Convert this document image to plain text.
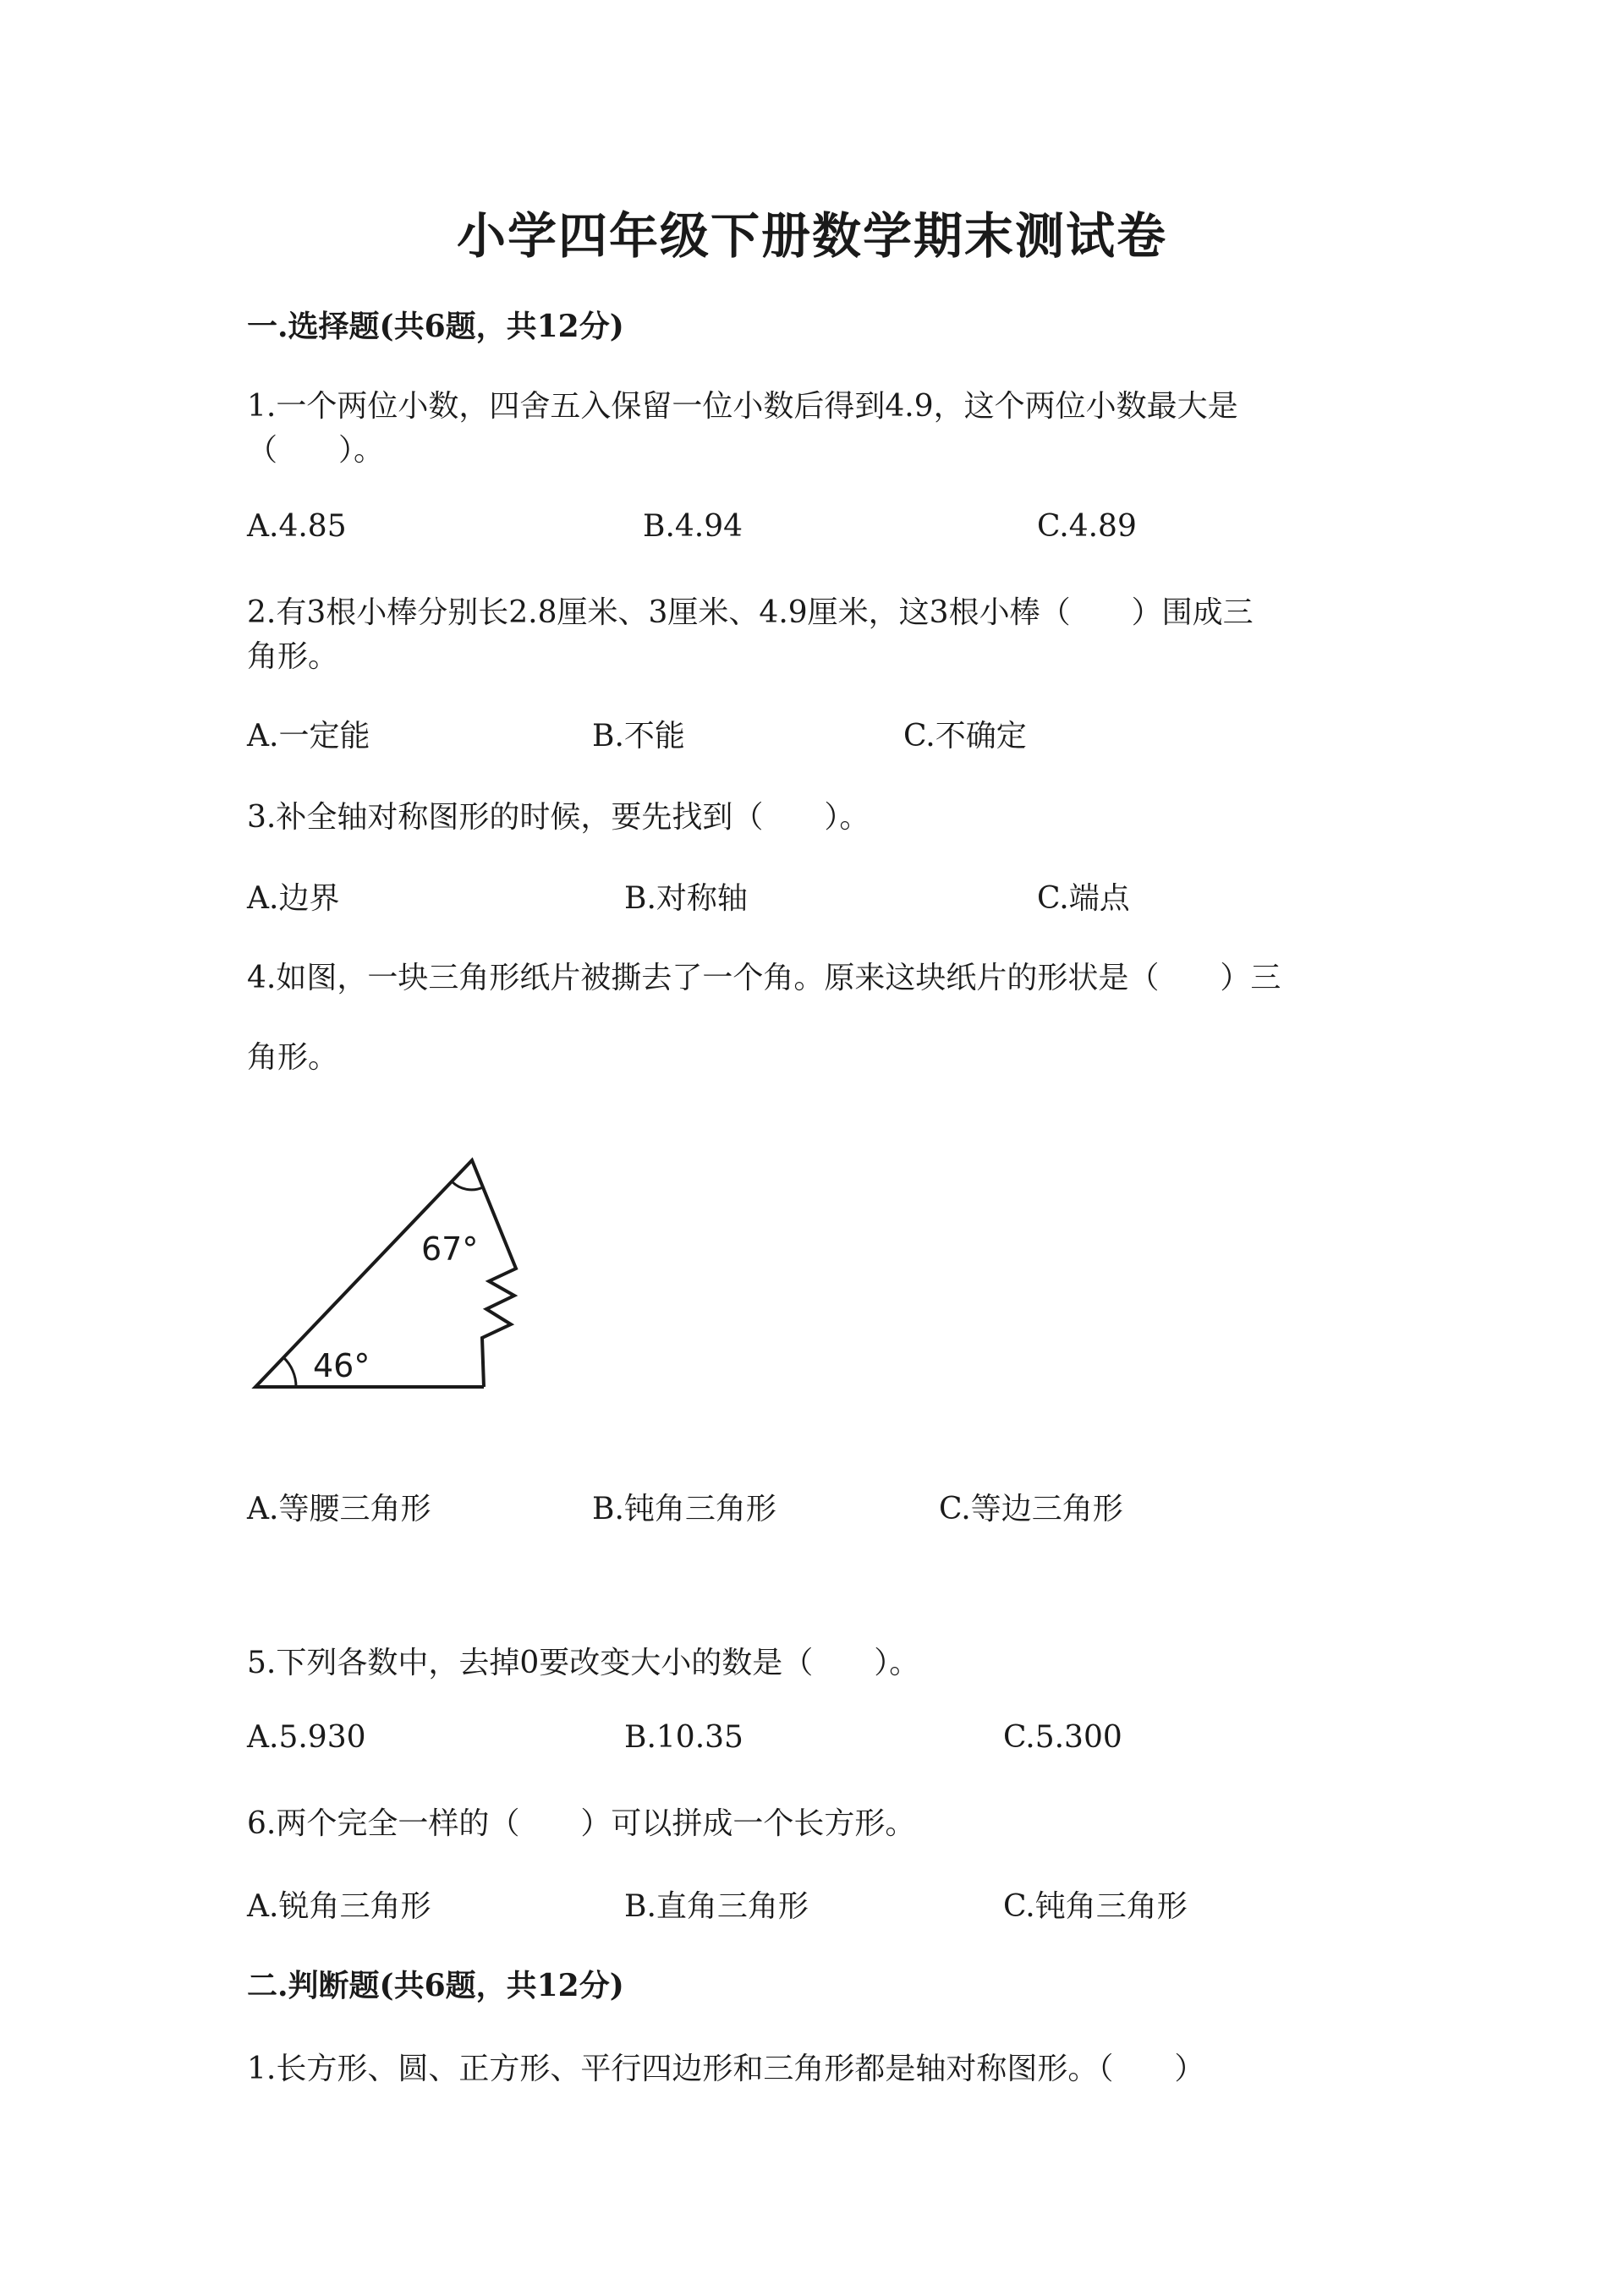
小学四年级下册数学期末测试卷
一.选择题(共6题，共12分)
1.一个两位小数，四舍五入保留一位小数后得到4.9，这个两位小数最大是
（　　）。
A.4.85	B.4.94	C.4.89
2.有3根小棒分别长2.8厘米、3厘米、4.9厘米，这3根小棒（　　）围成三
角形。
A.一定能	B.不能	C.不确定
3.补全轴对称图形的时候，要先找到（　　）。
A.边界	B.对称轴	C.端点
4.如图，一块三角形纸片被撕去了一个角。原来这块纸片的形状是（　　）三
角形。
67°
46°
A.等腰三角形	B.钝角三角形	C.等边三角形
5.下列各数中，去掉0要改变大小的数是（　　）。
A.5.930	B.10.35	C.5.300
6.两个完全一样的（　　）可以拼成一个长方形。
A.锐角三角形	B.直角三角形	C.钝角三角形
二.判断题(共6题，共12分)
1.长方形、圆、正方形、平行四边形和三角形都是轴对称图形。（　　）
